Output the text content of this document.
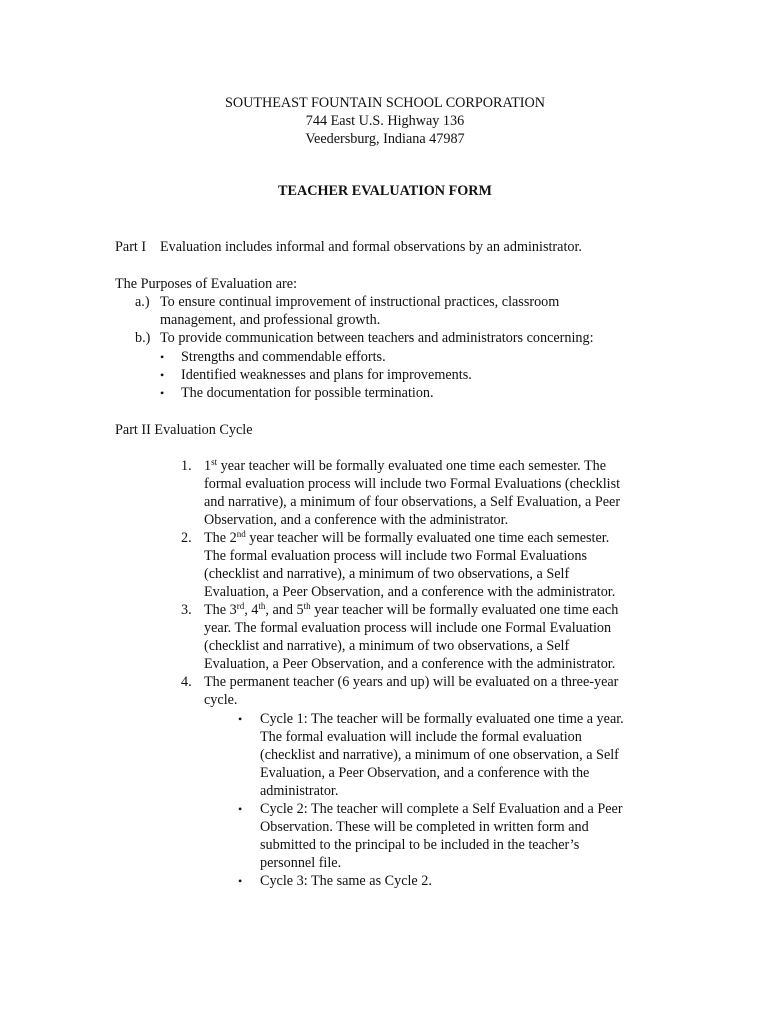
SOUTHEAST FOUNTAIN SCHOOL CORPORATION
744 East U.S. Highway 136
Veedersburg, Indiana 47987
TEACHER EVALUATION FORM
Part I Evaluation includes informal and formal observations by an administrator.
The Purposes of Evaluation are:
a.) To ensure continual improvement of instructional practices, classroom
management, and professional growth.
b.) To provide communication between teachers and administrators concerning:
• Strengths and commendable efforts.
• Identified weaknesses and plans for improvements.
• The documentation for possible termination.
Part II Evaluation Cycle
1. 1st year teacher will be formally evaluated one time each semester. The
formal evaluation process will include two Formal Evaluations (checklist
and narrative), a minimum of four observations, a Self Evaluation, a Peer
Observation, and a conference with the administrator.
2. The 2nd year teacher will be formally evaluated one time each semester.
The formal evaluation process will include two Formal Evaluations
(checklist and narrative), a minimum of two observations, a Self
Evaluation, a Peer Observation, and a conference with the administrator.
3. The 3rd, 4th, and 5th year teacher will be formally evaluated one time each
year. The formal evaluation process will include one Formal Evaluation
(checklist and narrative), a minimum of two observations, a Self
Evaluation, a Peer Observation, and a conference with the administrator.
4. The permanent teacher (6 years and up) will be evaluated on a three-year
cycle.
• Cycle 1: The teacher will be formally evaluated one time a year.
The formal evaluation will include the formal evaluation
(checklist and narrative), a minimum of one observation, a Self
Evaluation, a Peer Observation, and a conference with the
administrator.
• Cycle 2: The teacher will complete a Self Evaluation and a Peer
Observation. These will be completed in written form and
submitted to the principal to be included in the teacher’s
personnel file.
• Cycle 3: The same as Cycle 2.
